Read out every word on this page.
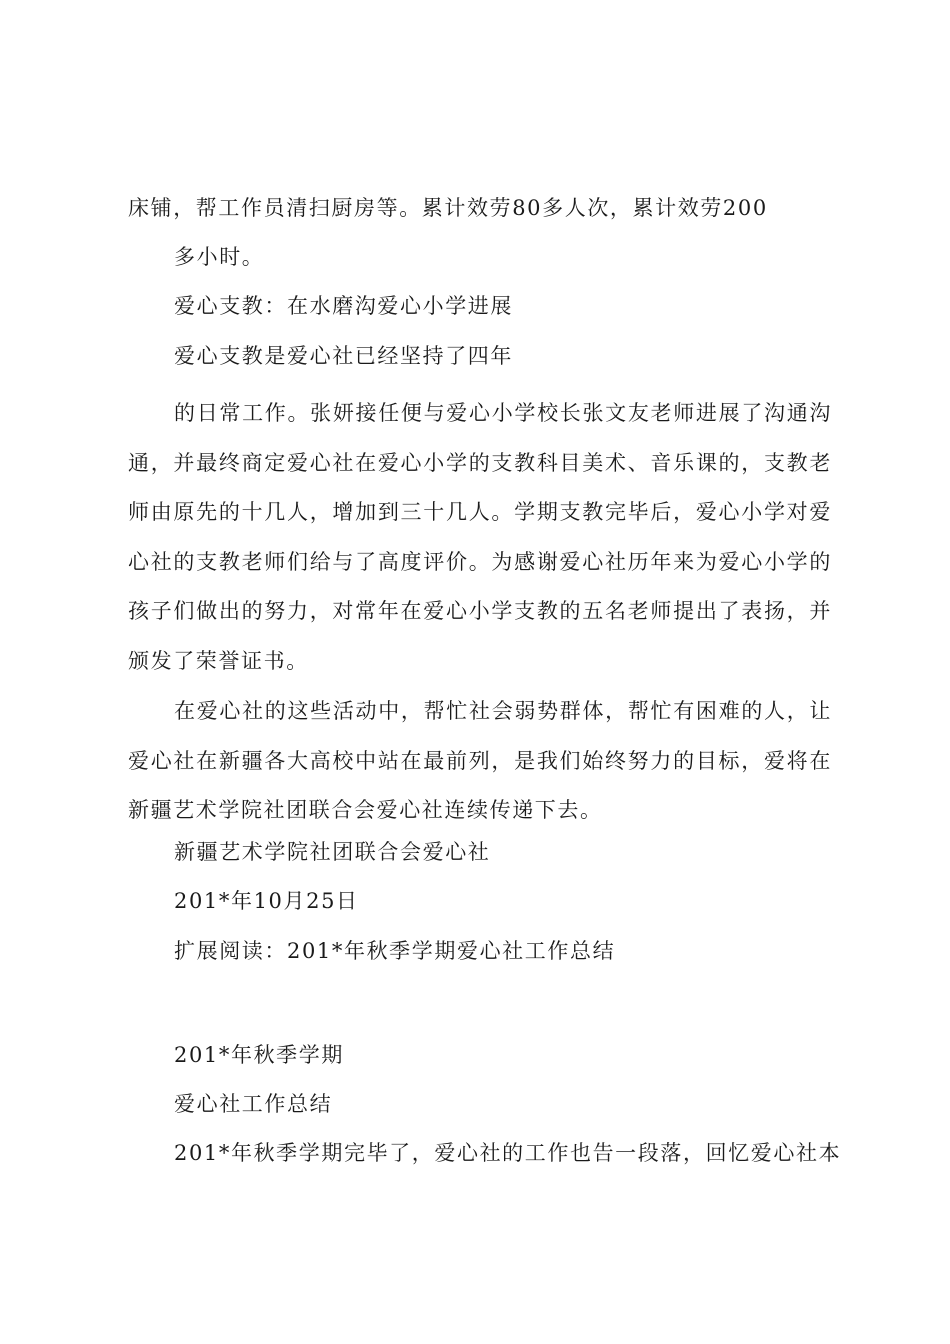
床铺，帮工作员清扫厨房等。累计效劳80多人次，累计效劳200
多小时。
爱心支教：在水磨沟爱心小学进展
爱心支教是爱心社已经坚持了四年
的日常工作。张妍接任便与爱心小学校长张文友老师进展了沟通沟通，并最终商定爱心社在爱心小学的支教科目美术、音乐课的，支教老师由原先的十几人，增加到三十几人。学期支教完毕后，爱心小学对爱心社的支教老师们给与了高度评价。为感谢爱心社历年来为爱心小学的孩子们做出的努力，对常年在爱心小学支教的五名老师提出了表扬，并颁发了荣誉证书。
在爱心社的这些活动中，帮忙社会弱势群体，帮忙有困难的人，让爱心社在新疆各大高校中站在最前列，是我们始终努力的目标，爱将在新疆艺术学院社团联合会爱心社连续传递下去。
新疆艺术学院社团联合会爱心社
201*年10月25日
扩展阅读：201*年秋季学期爱心社工作总结
201*年秋季学期
爱心社工作总结
201*年秋季学期完毕了，爱心社的工作也告一段落，回忆爱心社本
